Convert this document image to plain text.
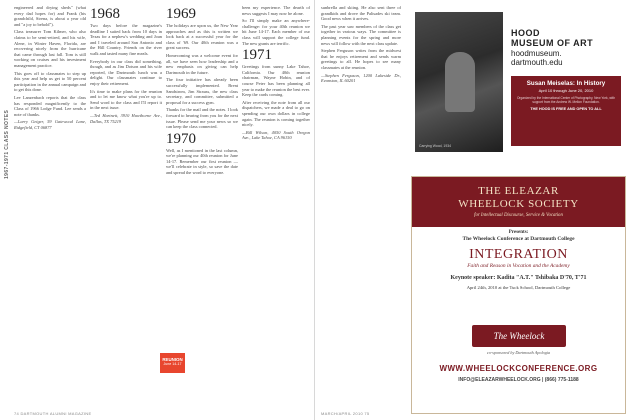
1967-1971 CLASS NOTES

engineered and drying sheds" (what every dad hopes for) and Frank (his grandchild, Sirena, is about a year old and "a joy to behold").

Class treasurer Tom Kilmer, who also claims to be semi-retired, and his wife, Alene, in Winter Haven, Florida, are recovering nicely from the hurricane that came through last fall. Tom is still working on cruises and his investment management practice.

This goes off to classmates to step up this year and help us get to 50 percent participation in the annual campaign and to get this done.

Lee Lanzenbach reports that the class has responded magnificently to the Class of 1966 Lodge Fund. Lee sends a note of thanks.

—Larry Geiger, 59 Gatewood Lane, Ridgefield, CT 06877

1968

Two days before the magazine's deadline I suited back from 10 days in Texas for a nephew's wedding and Joan and I traveled around San Antonio and the Hill Country. Friends on the river walk and tasted many fine meals.

Everybody in our class did something, though, and as Jim Dotson and his wife reported, the Dartmouth lunch was a delight. Our classmates continue to enjoy their retirement.

It's time to make plans for the reunion and to let me know what you're up to. Send word to the class and I'll report it in the next issue.

—Ted Hartnett, 3910 Hawthorne Ave., Dallas, TX 75219

1969

The holidays are upon us, the New Year approaches and as this is written we look back at a successful year for the class of '69. Our 40th reunion was a great success.

Homecoming was a welcome event for all, we have seen how leadership and a new emphasis on giving can help Dartmouth in the future.

The four initiative has already been successfully implemented. Brent Sandstrom, Jim Strauss, the new class secretary, and committee, submitted a proposal for a success gym.

Thanks for the mail and the notes. I look forward to hearing from you for the next issue. Please send me your news so we can keep the class connected.

1970

Well, as I mentioned in the last column, we're planning our 40th reunion for June 14-17. Remember our first reunion — we'll celebrate in style, so save the date and spread the word to everyone.

been my experience. The dearth of news suggests I may now be alone.

So I'll simply make an anywhere-challenge: for your 40th reunion we hit June 14-17. Each member of our class will support the college fund. The new grants are terrific.

1971

Greetings from sunny Lake Tahoe, California. Our 40th reunion chairman, Wayne Hobin, and of course Peter has been planning all year to make the reunion the best ever. Keep the cards coming.

After receiving the note from all our dispatchers, we made a deal to go on spending our own dollars in college again. The reunion is coming together nicely.

—Bill Wilson, 4050 South Oregon Ave., Lake Tahoe, CA 96150

REUNION
June 14-17
74 DARTMOUTH ALUMNI MAGAZINE

sunbrella and skiing. He also sent three of grandkids and drove the Palisades ski team. Good news when it arrives.

The past year saw members of the class get together in various ways. The committee is planning events for the spring and more news will follow with the next class update.

Stephen Ferguson writes from the midwest that he enjoys retirement and sends warm greetings to all. He hopes to see many classmates at the reunion.

—Stephen Ferguson, 1200 Lakeside Dr., Evanston, IL 60201

Carrying Wood, 1934
HOOD
MUSEUM OF ART
hoodmuseum.
dartmouth.edu
Susan Meiselas: In History
April 10 through June 20, 2010
Organized by the International Center of Photography, New York, with support from the Andrew W. Mellon Foundation.
THE HOOD IS FREE AND OPEN TO ALL
THE ELEAZAR
WHEELOCK SOCIETY
for Intellectual Discourse, Service & Vocation
Presents:
The Wheelock Conference at Dartmouth College
INTEGRATION
Faith and Reason in Vocation and the Academy
Keynote speaker: Kadita "A.T." Tshibaka D'70, T'71
April 24th, 2010 at the Tuck School, Dartmouth College
The Wheelock
co-sponsored by Dartmouth Apologia
WWW.WHEELOCKCONFERENCE.ORG
INFO@ELEAZARWHEELOCK.ORG | (866) 775-1188
MARCH/APRIL 2010 75
